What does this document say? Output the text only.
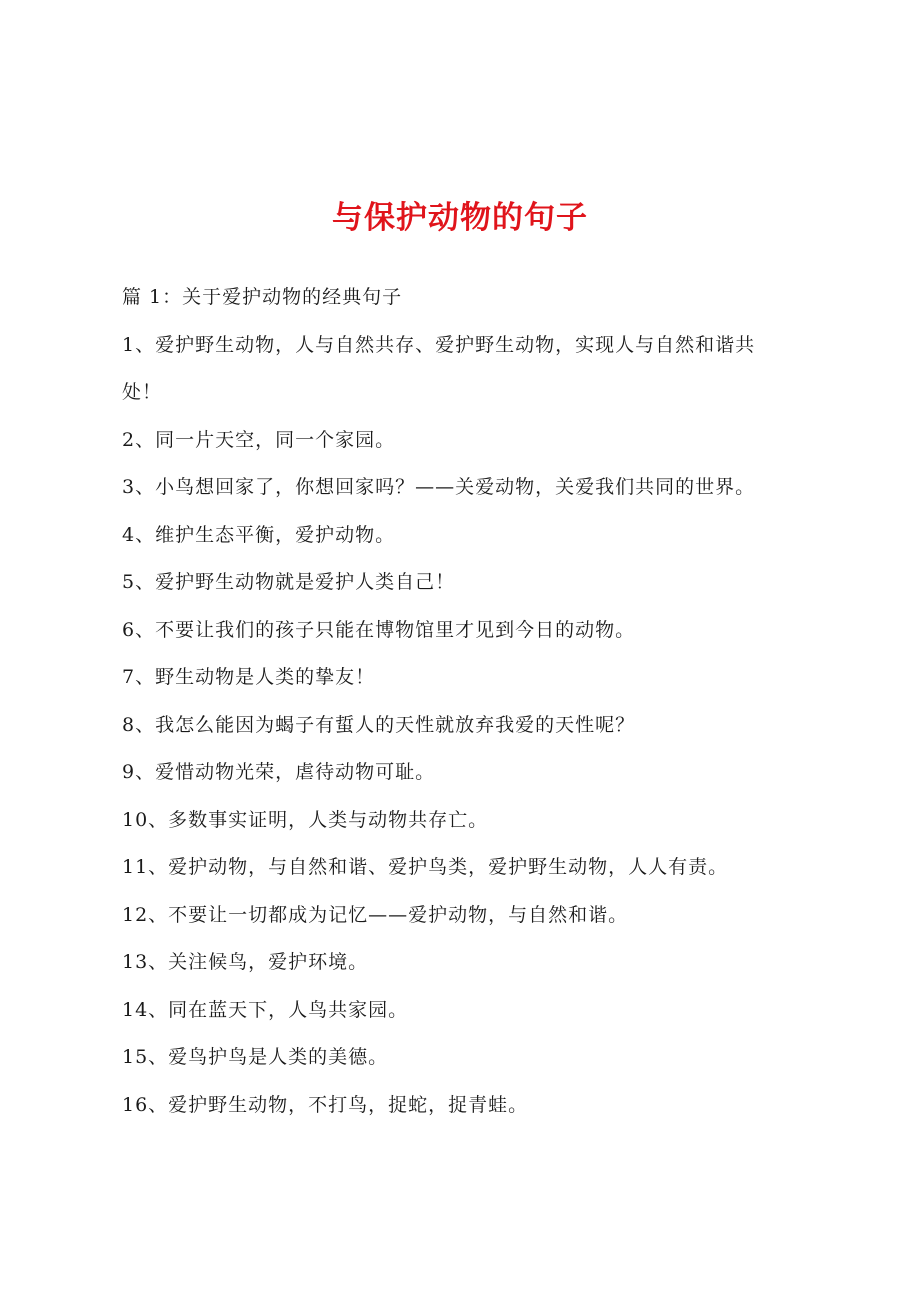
与保护动物的句子
篇 1：关于爱护动物的经典句子
1、爱护野生动物，人与自然共存、爱护野生动物，实现人与自然和谐共
处！
2、同一片天空，同一个家园。
3、小鸟想回家了，你想回家吗？——关爱动物，关爱我们共同的世界。
4、维护生态平衡，爱护动物。
5、爱护野生动物就是爱护人类自己！
6、不要让我们的孩子只能在博物馆里才见到今日的动物。
7、野生动物是人类的挚友！
8、我怎么能因为蝎子有蜇人的天性就放弃我爱的天性呢？
9、爱惜动物光荣，虐待动物可耻。
10、多数事实证明，人类与动物共存亡。
11、爱护动物，与自然和谐、爱护鸟类，爱护野生动物，人人有责。
12、不要让一切都成为记忆——爱护动物，与自然和谐。
13、关注候鸟，爱护环境。
14、同在蓝天下，人鸟共家园。
15、爱鸟护鸟是人类的美德。
16、爱护野生动物，不打鸟，捉蛇，捉青蛙。
